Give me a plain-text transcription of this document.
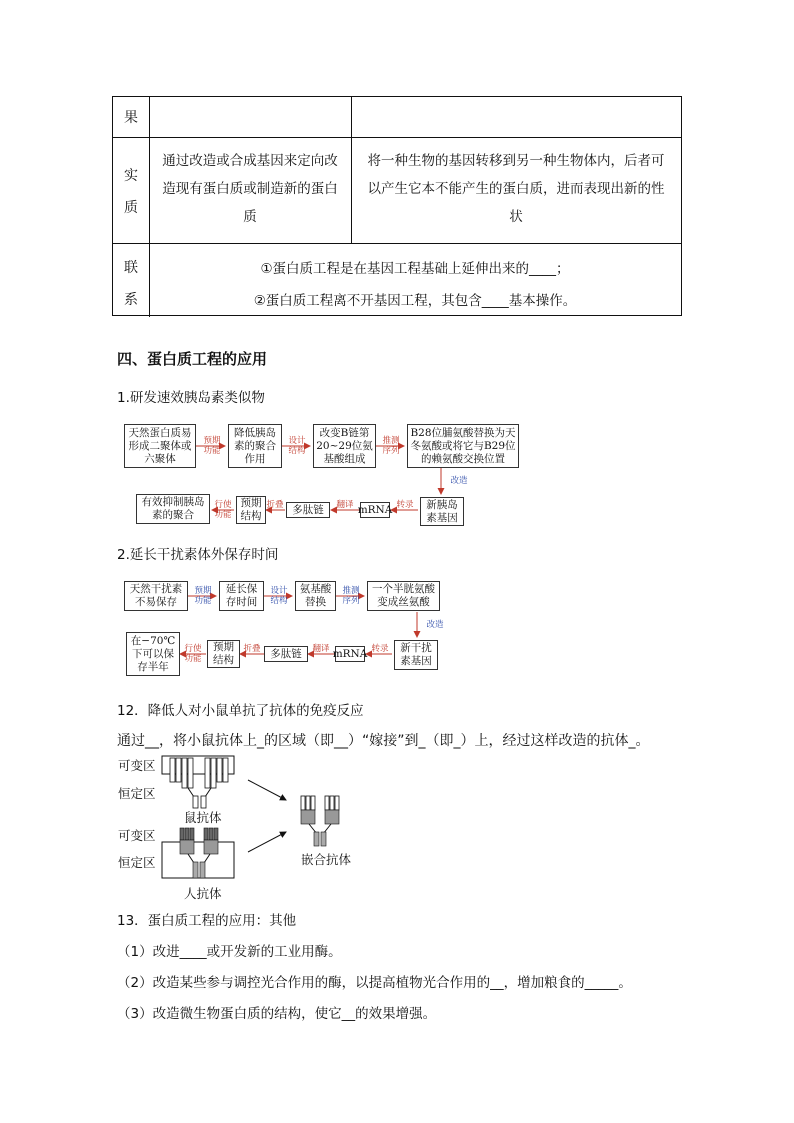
果
实
质
通过改造或合成基因来定向改
造现有蛋白质或制造新的蛋白
质
将一种生物的基因转移到另一种生物体内，后者可
以产生它本不能产生的蛋白质，进而表现出新的性
状
联
系
①蛋白质工程是在基因工程基础上延伸出来的____；
②蛋白质工程离不开基因工程，其包含____基本操作。
四、蛋白质工程的应用
1.研发速效胰岛素类似物
天然蛋白质易
形成二聚体或
六聚体
降低胰岛
素的聚合
作用
改变B链第
20~29位氨
基酸组成
B28位脯氨酸替换为天
冬氨酸或将它与B29位
的赖氨酸交换位置
新胰岛
素基因
mRNA
多肽链
预期
结构
有效抑制胰岛
素的聚合
预期
功能
设计
结构
推测
序列
改造
转录
翻译
折叠
行使
功能
2.延长干扰素体外保存时间
天然干扰素
不易保存
延长保
存时间
氨基酸
替换
一个半胱氨酸
变成丝氨酸
新干扰
素基因
mRNA
多肽链
预期
结构
在−70℃
下可以保
存半年
预期
功能
设计
结构
推测
序列
改造
转录
翻译
折叠
行使
功能
12．降低人对小鼠单抗了抗体的免疫反应
通过__，将小鼠抗体上_的区域（即__）“嫁接”到_（即_）上，经过这样改造的抗体_。
可变区
恒定区
鼠抗体
可变区
恒定区
人抗体
嵌合抗体
13．蛋白质工程的应用：其他
（1）改进____或开发新的工业用酶。
（2）改造某些参与调控光合作用的酶，以提高植物光合作用的__，增加粮食的_____。
（3）改造微生物蛋白质的结构，使它__的效果增强。
